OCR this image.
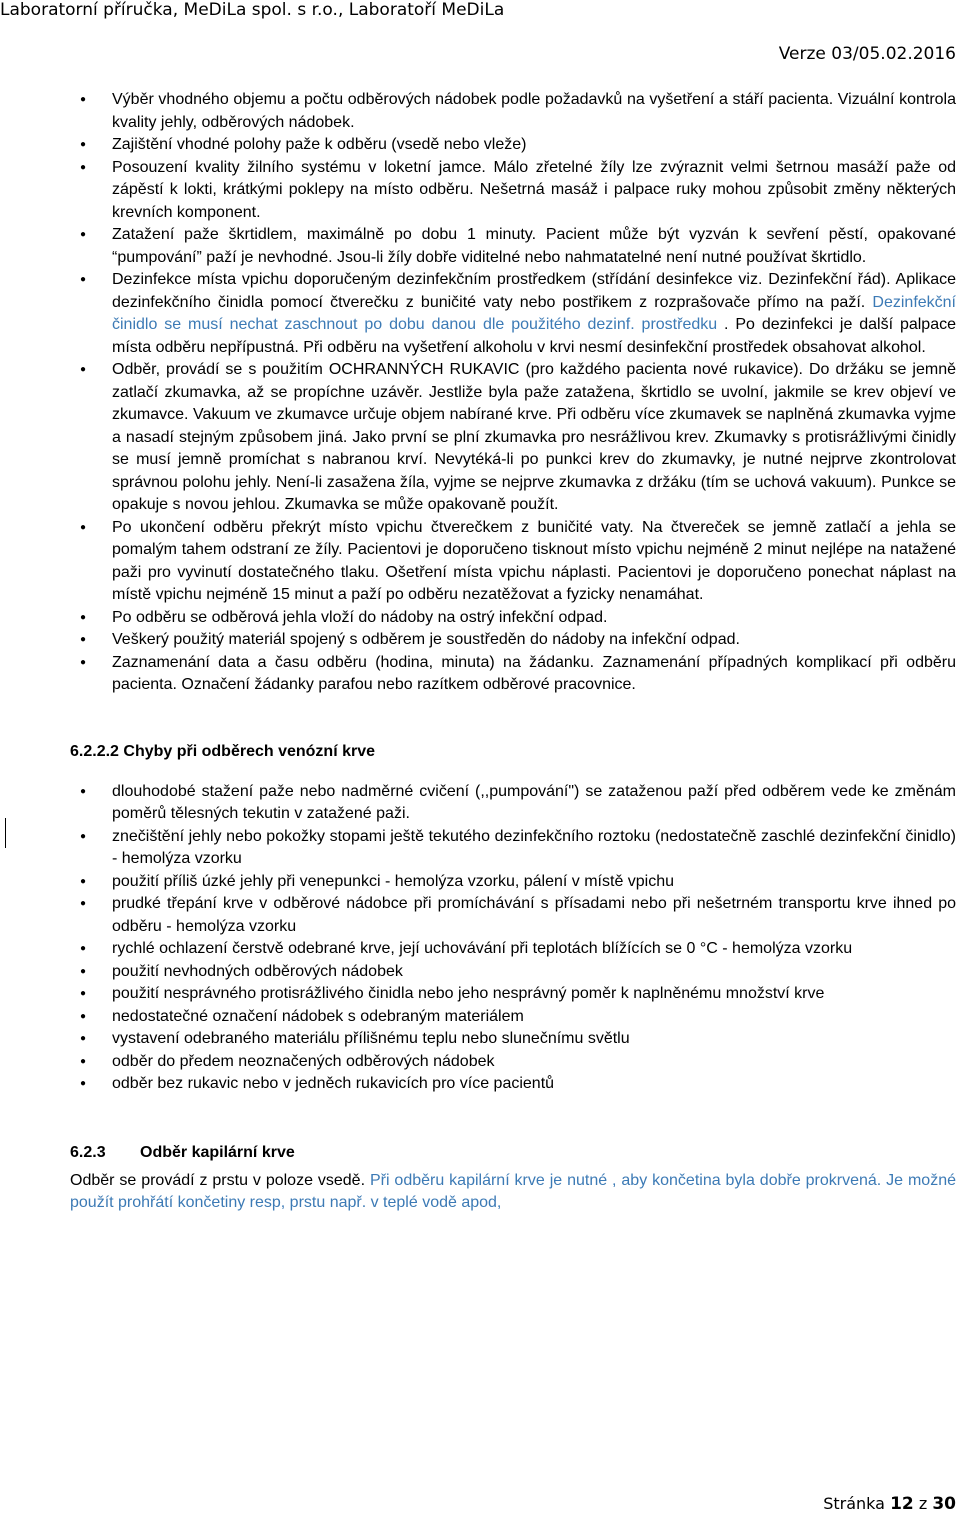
Laboratorní příručka, MeDiLa spol. s r.o., Laboratoří MeDiLa
Verze 03/05.02.2016
● Výběr vhodného objemu a počtu odběrových nádobek podle požadavků na vyšetření a stáří pacienta. Vizuální kontrola kvality jehly, odběrových nádobek.
● Zajištění vhodné polohy paže k odběru (vsedě nebo vleže)
● Posouzení kvality žilního systému v loketní jamce. Málo zřetelné žíly lze zvýraznit velmi šetrnou masáží paže od zápěstí k lokti, krátkými poklepy na místo odběru. Nešetrná masáž i palpace ruky mohou způsobit změny některých krevních komponent.
● Zatažení paže škrtidlem, maximálně po dobu 1 minuty. Pacient může být vyzván k sevření pěstí, opakované “pumpování” paží je nevhodné. Jsou-li žíly dobře viditelné nebo nahmatatelné není nutné používat škrtidlo.
● Dezinfekce místa vpichu doporučeným dezinfekčním prostředkem (střídání desinfekce viz. Dezinfekční řád). Aplikace dezinfekčního činidla pomocí čtverečku z buničité vaty nebo postřikem z rozprašovače přímo na paží. Dezinfekční činidlo se musí nechat zaschnout po dobu danou dle použitého dezinf. prostředku . Po dezinfekci je další palpace místa odběru nepřípustná. Při odběru na vyšetření alkoholu v krvi nesmí desinfekční prostředek obsahovat alkohol.
● Odběr, provádí se s použitím OCHRANNÝCH RUKAVIC (pro každého pacienta nové rukavice). Do držáku se jemně zatlačí zkumavka, až se propíchne uzávěr. Jestliže byla paže zatažena, škrtidlo se uvolní, jakmile se krev objeví ve zkumavce. Vakuum ve zkumavce určuje objem nabírané krve. Při odběru více zkumavek se naplněná zkumavka vyjme a nasadí stejným způsobem jiná. Jako první se plní zkumavka pro nesrážlivou krev. Zkumavky s protisrážlivými činidly se musí jemně promíchat s nabranou krví. Nevytéká-li po punkci krev do zkumavky, je nutné nejprve zkontrolovat správnou polohu jehly. Není-li zasažena žíla, vyjme se nejprve zkumavka z držáku (tím se uchová vakuum). Punkce se opakuje s novou jehlou. Zkumavka se může opakovaně použít.
● Po ukončení odběru překrýt místo vpichu čtverečkem z buničité vaty. Na čtvereček se jemně zatlačí a jehla se pomalým tahem odstraní ze žíly. Pacientovi je doporučeno tisknout místo vpichu nejméně 2 minut nejlépe na natažené paži pro vyvinutí dostatečného tlaku. Ošetření místa vpichu náplasti. Pacientovi je doporučeno ponechat náplast na místě vpichu nejméně 15 minut a paží po odběru nezatěžovat a fyzicky nenamáhat.
● Po odběru se odběrová jehla vloží do nádoby na ostrý infekční odpad.
● Veškerý použitý materiál spojený s odběrem je soustředěn do nádoby na infekční odpad.
● Zaznamenání data a času odběru (hodina, minuta) na žádanku. Zaznamenání případných komplikací při odběru pacienta. Označení žádanky parafou nebo razítkem odběrové pracovnice.
6.2.2.2 Chyby při odběrech venózní krve
● dlouhodobé stažení paže nebo nadměrné cvičení (,,pumpování") se zataženou paží před odběrem vede ke změnám poměrů tělesných tekutin v zatažené paži.
● znečištění jehly nebo pokožky stopami ještě tekutého dezinfekčního roztoku (nedostatečně zaschlé dezinfekční činidlo) - hemolýza vzorku
● použití příliš úzké jehly při venepunkci - hemolýza vzorku, pálení v místě vpichu
● prudké třepání krve v odběrové nádobce při promíchávání s přísadami nebo při nešetrném transportu krve ihned po odběru - hemolýza vzorku
● rychlé ochlazení čerstvě odebrané krve, její uchovávání při teplotách blížících se 0 °C - hemolýza vzorku
● použití nevhodných odběrových nádobek
● použití nesprávného protisrážlivého činidla nebo jeho nesprávný poměr k naplněnému množství krve
● nedostatečné označení nádobek s odebraným materiálem
● vystavení odebraného materiálu přílišnému teplu nebo slunečnímu světlu
● odběr do předem neoznačených odběrových nádobek
● odběr bez rukavic nebo v jedněch rukavicích pro více pacientů
6.2.3 Odběr kapilární krve

Odběr se provádí z prstu v poloze vsedě. Při odběru kapilární krve je nutné , aby končetina byla dobře prokrvená. Je možné použít prohřátí končetiny resp, prstu např. v teplé vodě apod,

Stránka 12 z 30
